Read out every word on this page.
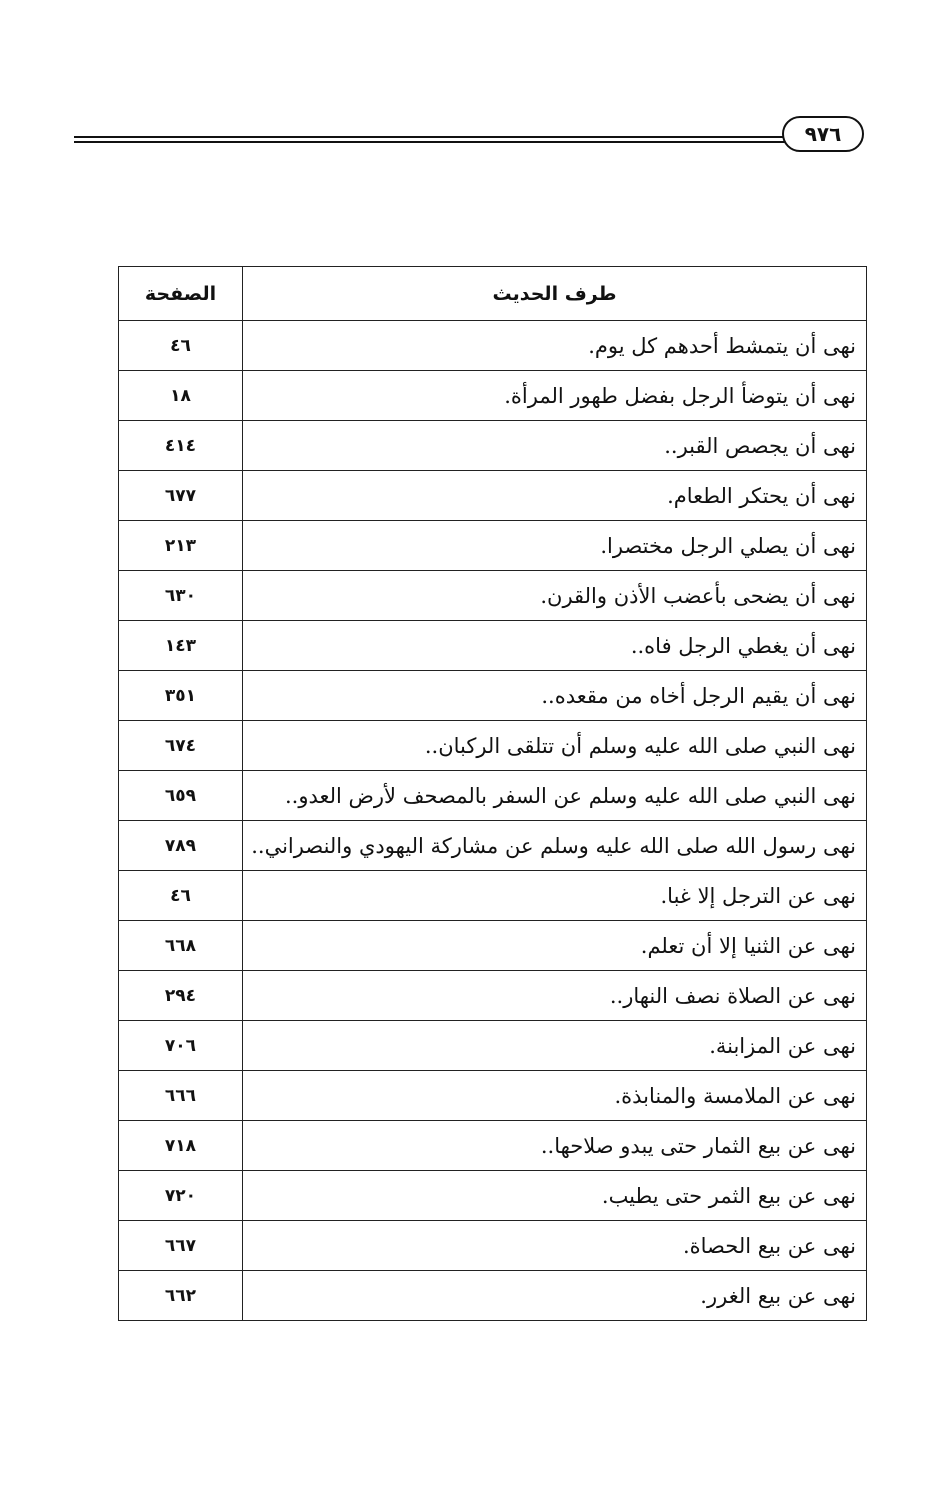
٩٧٦
طرف الحديث	الصفحة
نهى أن يتمشط أحدهم كل يوم.	٤٦
نهى أن يتوضأ الرجل بفضل طهور المرأة.	١٨
نهى أن يجصص القبر..	٤١٤
نهى أن يحتكر الطعام.	٦٧٧
نهى أن يصلي الرجل مختصرا.	٢١٣
نهى أن يضحى بأعضب الأذن والقرن.	٦٣٠
نهى أن يغطي الرجل فاه..	١٤٣
نهى أن يقيم الرجل أخاه من مقعده..	٣٥١
نهى النبي صلى الله عليه وسلم أن تتلقى الركبان..	٦٧٤
نهى النبي صلى الله عليه وسلم عن السفر بالمصحف لأرض العدو..	٦٥٩
نهى رسول الله صلى الله عليه وسلم عن مشاركة اليهودي والنصراني..	٧٨٩
نهى عن الترجل إلا غبا.	٤٦
نهى عن الثنيا إلا أن تعلم.	٦٦٨
نهى عن الصلاة نصف النهار..	٢٩٤
نهى عن المزابنة.	٧٠٦
نهى عن الملامسة والمنابذة.	٦٦٦
نهى عن بيع الثمار حتى يبدو صلاحها..	٧١٨
نهى عن بيع الثمر حتى يطيب.	٧٢٠
نهى عن بيع الحصاة.	٦٦٧
نهى عن بيع الغرر.	٦٦٢
